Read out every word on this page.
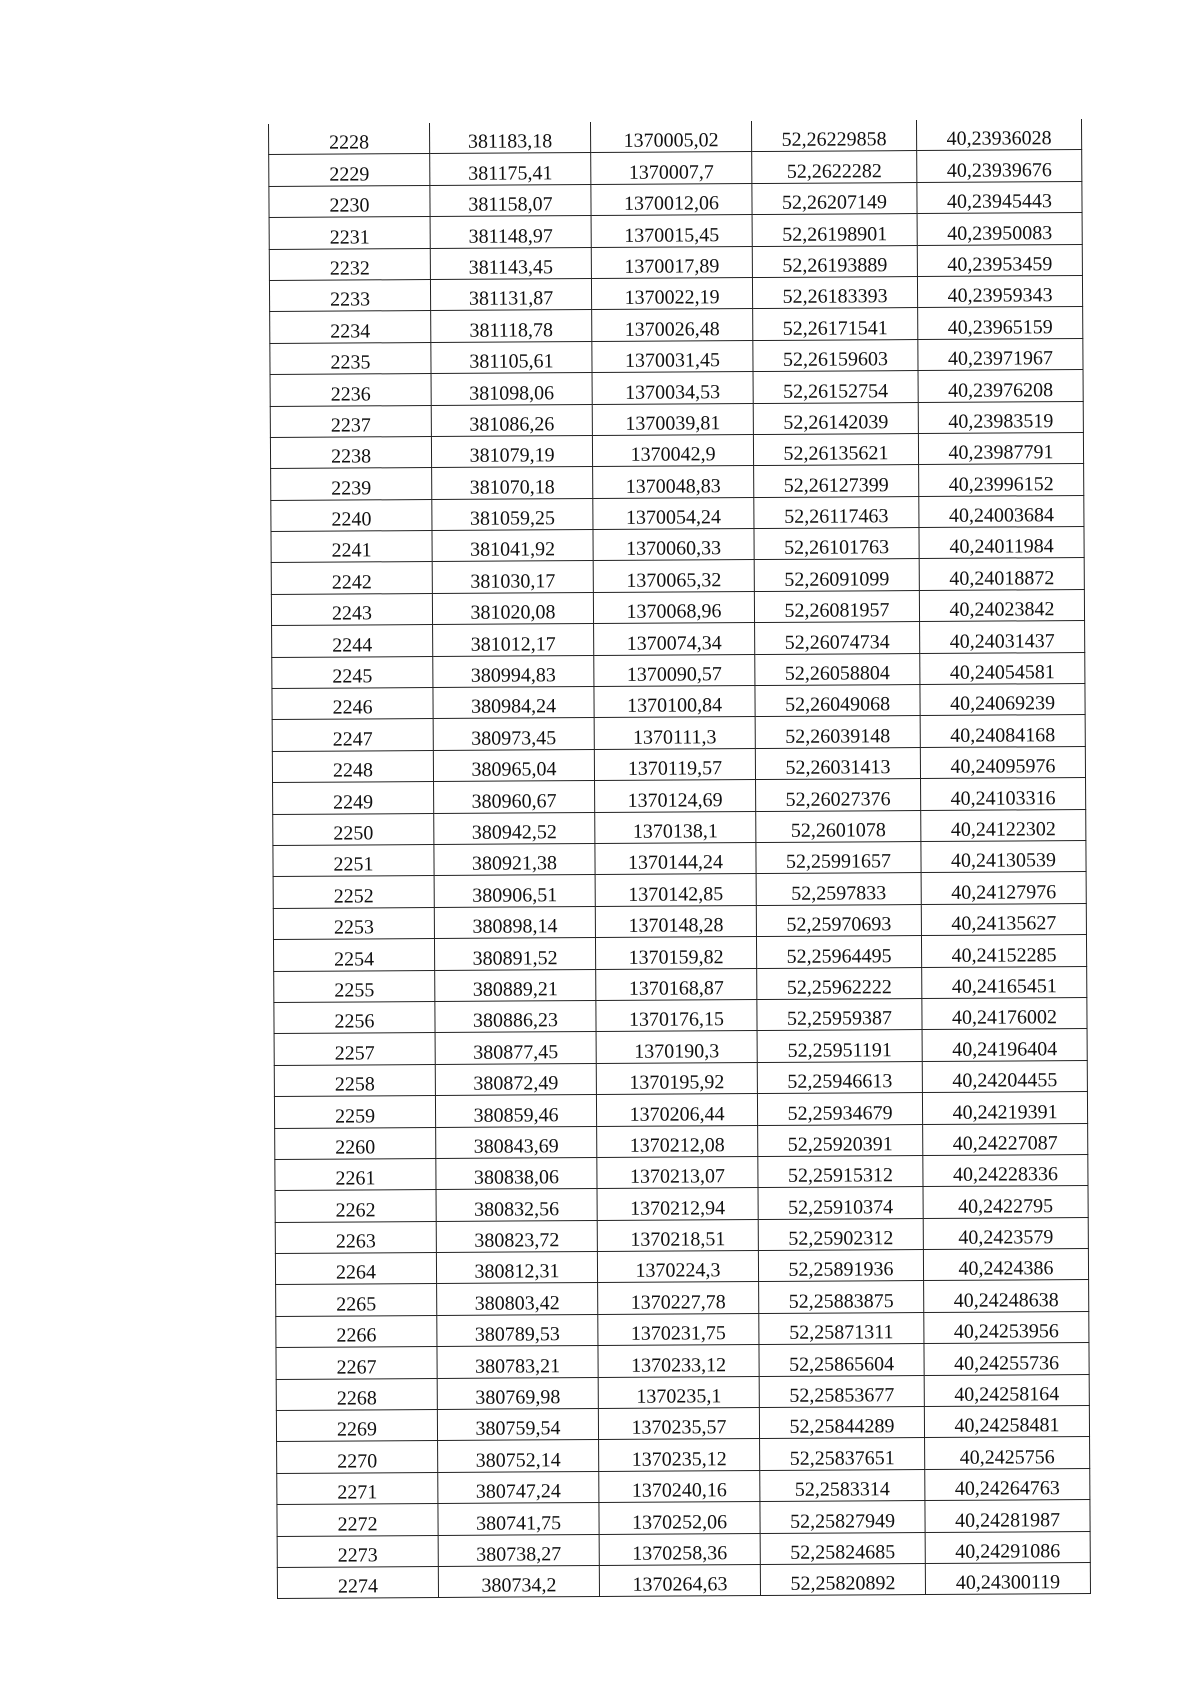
2228	381183,18	1370005,02	52,26229858	40,23936028
2229	381175,41	1370007,7	52,2622282	40,23939676
2230	381158,07	1370012,06	52,26207149	40,23945443
2231	381148,97	1370015,45	52,26198901	40,23950083
2232	381143,45	1370017,89	52,26193889	40,23953459
2233	381131,87	1370022,19	52,26183393	40,23959343
2234	381118,78	1370026,48	52,26171541	40,23965159
2235	381105,61	1370031,45	52,26159603	40,23971967
2236	381098,06	1370034,53	52,26152754	40,23976208
2237	381086,26	1370039,81	52,26142039	40,23983519
2238	381079,19	1370042,9	52,26135621	40,23987791
2239	381070,18	1370048,83	52,26127399	40,23996152
2240	381059,25	1370054,24	52,26117463	40,24003684
2241	381041,92	1370060,33	52,26101763	40,24011984
2242	381030,17	1370065,32	52,26091099	40,24018872
2243	381020,08	1370068,96	52,26081957	40,24023842
2244	381012,17	1370074,34	52,26074734	40,24031437
2245	380994,83	1370090,57	52,26058804	40,24054581
2246	380984,24	1370100,84	52,26049068	40,24069239
2247	380973,45	1370111,3	52,26039148	40,24084168
2248	380965,04	1370119,57	52,26031413	40,24095976
2249	380960,67	1370124,69	52,26027376	40,24103316
2250	380942,52	1370138,1	52,2601078	40,24122302
2251	380921,38	1370144,24	52,25991657	40,24130539
2252	380906,51	1370142,85	52,2597833	40,24127976
2253	380898,14	1370148,28	52,25970693	40,24135627
2254	380891,52	1370159,82	52,25964495	40,24152285
2255	380889,21	1370168,87	52,25962222	40,24165451
2256	380886,23	1370176,15	52,25959387	40,24176002
2257	380877,45	1370190,3	52,25951191	40,24196404
2258	380872,49	1370195,92	52,25946613	40,24204455
2259	380859,46	1370206,44	52,25934679	40,24219391
2260	380843,69	1370212,08	52,25920391	40,24227087
2261	380838,06	1370213,07	52,25915312	40,24228336
2262	380832,56	1370212,94	52,25910374	40,2422795
2263	380823,72	1370218,51	52,25902312	40,2423579
2264	380812,31	1370224,3	52,25891936	40,2424386
2265	380803,42	1370227,78	52,25883875	40,24248638
2266	380789,53	1370231,75	52,25871311	40,24253956
2267	380783,21	1370233,12	52,25865604	40,24255736
2268	380769,98	1370235,1	52,25853677	40,24258164
2269	380759,54	1370235,57	52,25844289	40,24258481
2270	380752,14	1370235,12	52,25837651	40,2425756
2271	380747,24	1370240,16	52,2583314	40,24264763
2272	380741,75	1370252,06	52,25827949	40,24281987
2273	380738,27	1370258,36	52,25824685	40,24291086
2274	380734,2	1370264,63	52,25820892	40,24300119
